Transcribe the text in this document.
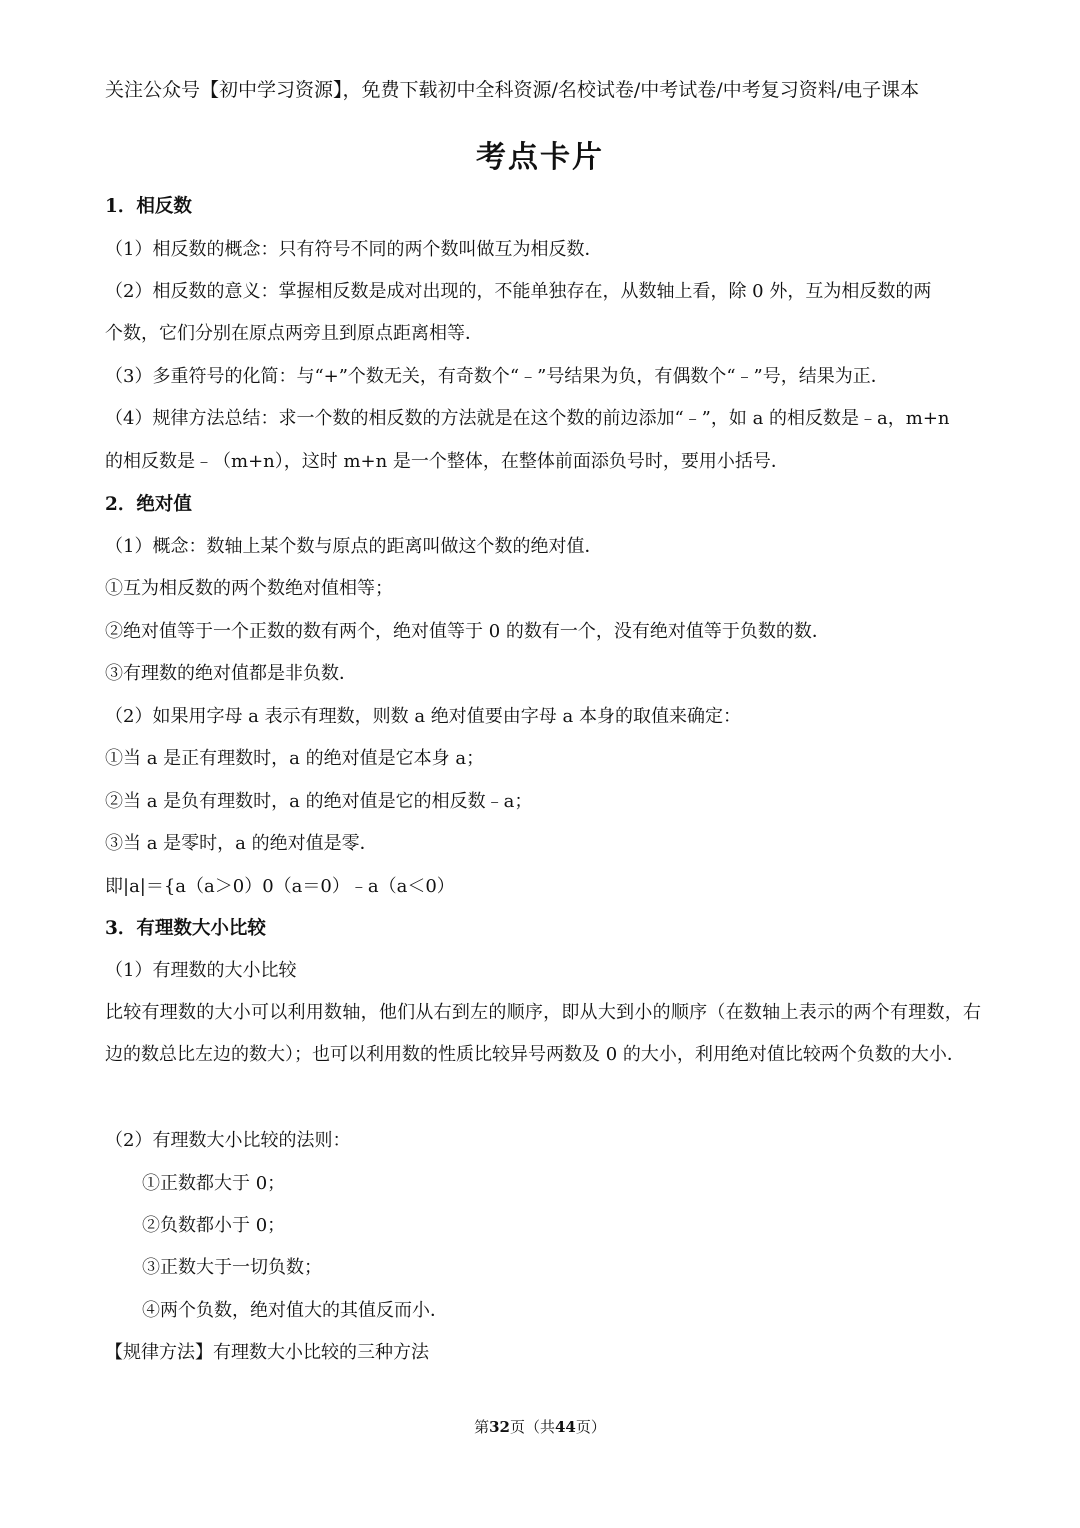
关注公众号【初中学习资源】，免费下载初中全科资源/名校试卷/中考试卷/中考复习资料/电子课本
考点卡片
1．相反数
（1）相反数的概念：只有符号不同的两个数叫做互为相反数．
（2）相反数的意义：掌握相反数是成对出现的，不能单独存在，从数轴上看，除 0 外，互为相反数的两
个数，它们分别在原点两旁且到原点距离相等．
（3）多重符号的化简：与“+”个数无关，有奇数个“﹣”号结果为负，有偶数个“﹣”号，结果为正．
（4）规律方法总结：求一个数的相反数的方法就是在这个数的前边添加“﹣”，如 a 的相反数是﹣a，m+n
的相反数是﹣（m+n），这时 m+n 是一个整体，在整体前面添负号时，要用小括号．
2．绝对值
（1）概念：数轴上某个数与原点的距离叫做这个数的绝对值．
①互为相反数的两个数绝对值相等；
②绝对值等于一个正数的数有两个，绝对值等于 0 的数有一个，没有绝对值等于负数的数．
③有理数的绝对值都是非负数．
（2）如果用字母 a 表示有理数，则数 a 绝对值要由字母 a 本身的取值来确定：
①当 a 是正有理数时，a 的绝对值是它本身 a；
②当 a 是负有理数时，a 的绝对值是它的相反数﹣a；
③当 a 是零时，a 的绝对值是零．
即|a|＝{a（a＞0）0（a＝0）﹣a（a＜0）
3．有理数大小比较
（1）有理数的大小比较
比较有理数的大小可以利用数轴，他们从右到左的顺序，即从大到小的顺序（在数轴上表示的两个有理数，右边的数总比左边的数大）；也可以利用数的性质比较异号两数及 0 的大小，利用绝对值比较两个负数的大小．
（2）有理数大小比较的法则：
①正数都大于 0；
②负数都小于 0；
③正数大于一切负数；
④两个负数，绝对值大的其值反而小．
【规律方法】有理数大小比较的三种方法
第32页（共44页）
